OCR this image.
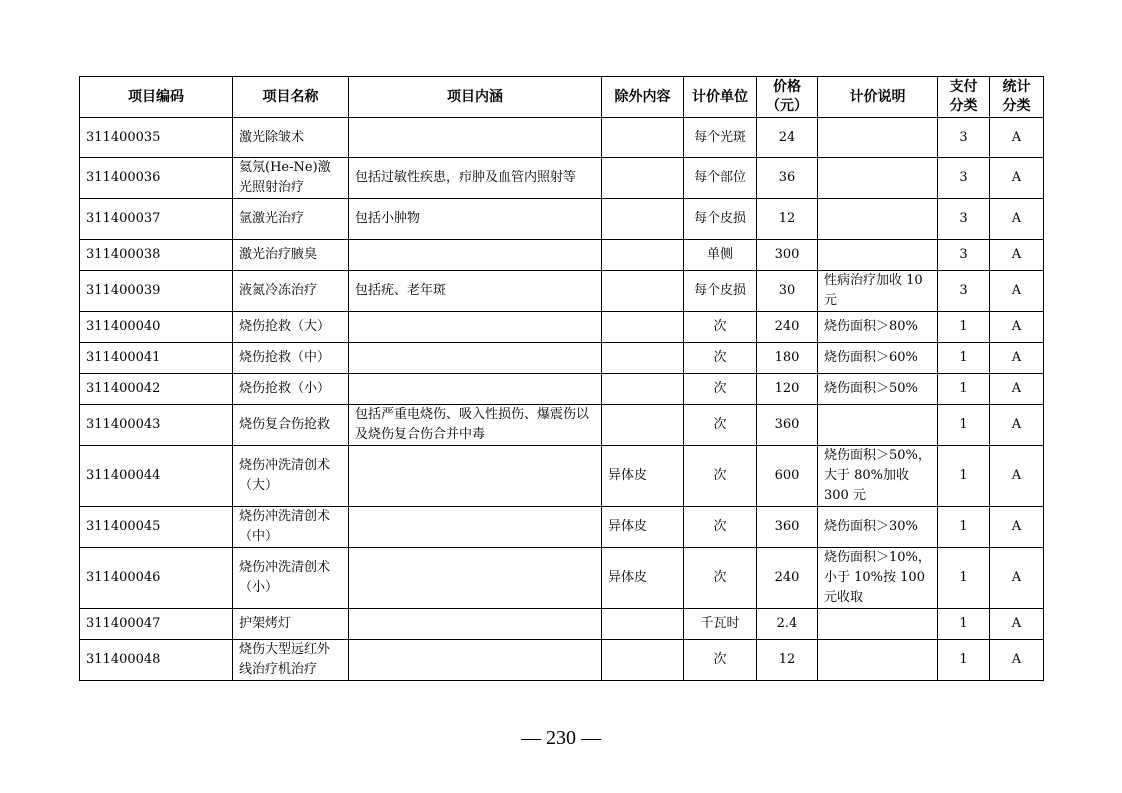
项目编码	项目名称	项目内涵	除外内容	计价单位	价格（元）	计价说明	支付分类	统计分类
311400035	激光除皱术			每个光斑	24		3	A
311400036	氦氖(He-Ne)激光照射治疗	包括过敏性疾患，疖肿及血管内照射等		每个部位	36		3	A
311400037	氩激光治疗	包括小肿物		每个皮损	12		3	A
311400038	激光治疗腋臭			单侧	300		3	A
311400039	液氮冷冻治疗	包括疣、老年斑		每个皮损	30	性病治疗加收 10 元	3	A
311400040	烧伤抢救（大）			次	240	烧伤面积＞80%	1	A
311400041	烧伤抢救（中）			次	180	烧伤面积＞60%	1	A
311400042	烧伤抢救（小）			次	120	烧伤面积＞50%	1	A
311400043	烧伤复合伤抢救	包括严重电烧伤、吸入性损伤、爆震伤以及烧伤复合伤合并中毒		次	360		1	A
311400044	烧伤冲洗清创术（大）		异体皮	次	600	烧伤面积＞50%，大于 80%加收 300 元	1	A
311400045	烧伤冲洗清创术（中）		异体皮	次	360	烧伤面积＞30%	1	A
311400046	烧伤冲洗清创术（小）		异体皮	次	240	烧伤面积＞10%，小于 10%按 100 元收取	1	A
311400047	护架烤灯			千瓦时	2.4		1	A
311400048	烧伤大型远红外线治疗机治疗			次	12		1	A
— 230 —
